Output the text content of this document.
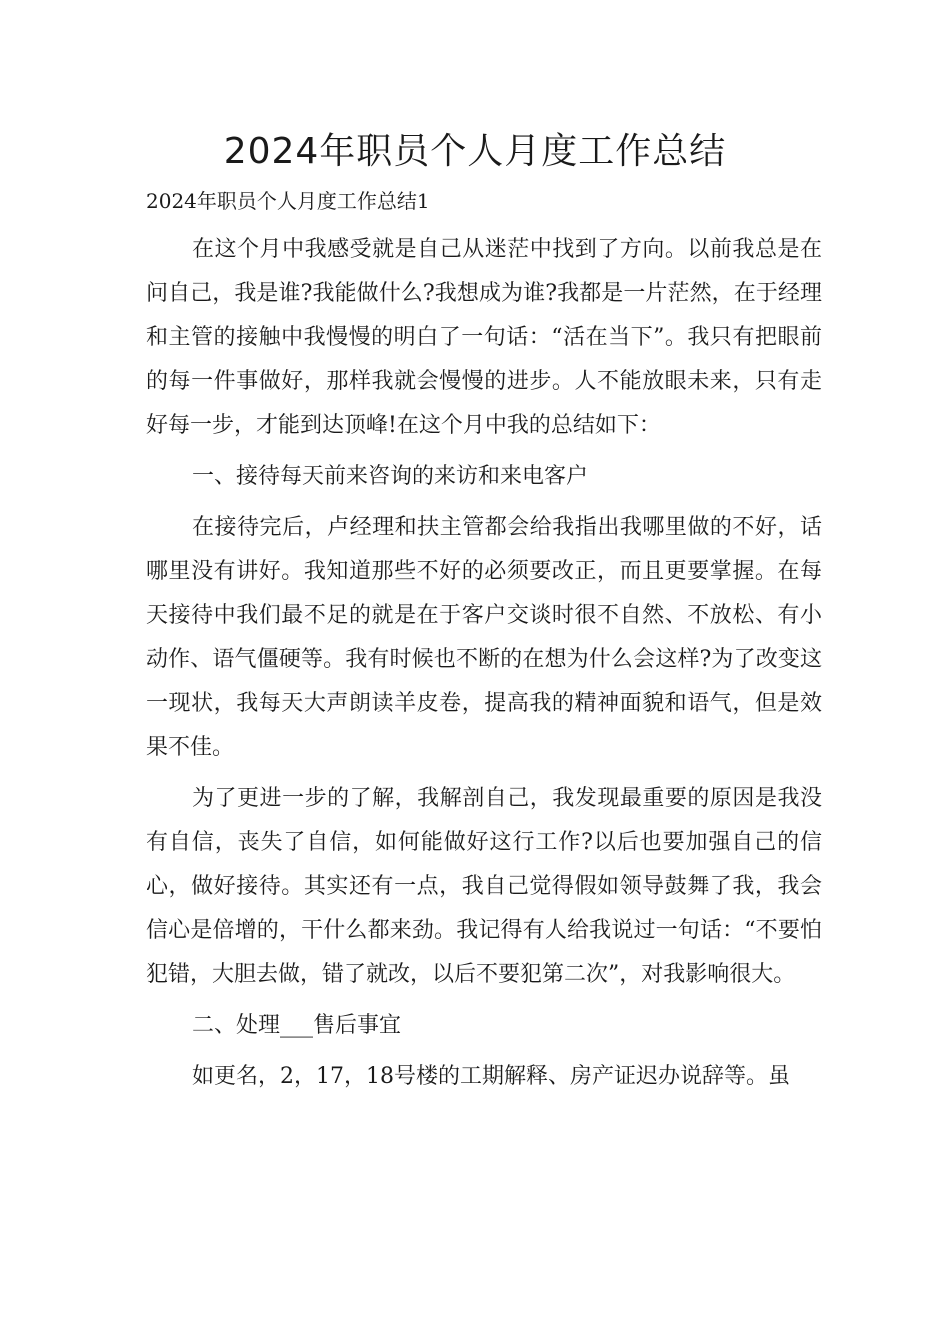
2024年职员个人月度工作总结
2024年职员个人月度工作总结1

在这个月中我感受就是自己从迷茫中找到了方向。以前我总是在问自己，我是谁?我能做什么?我想成为谁?我都是一片茫然，在于经理和主管的接触中我慢慢的明白了一句话：“活在当下”。我只有把眼前的每一件事做好，那样我就会慢慢的进步。人不能放眼未来，只有走好每一步，才能到达顶峰!在这个月中我的总结如下：

一、接待每天前来咨询的来访和来电客户

在接待完后，卢经理和扶主管都会给我指出我哪里做的不好，话哪里没有讲好。我知道那些不好的必须要改正，而且更要掌握。在每天接待中我们最不足的就是在于客户交谈时很不自然、不放松、有小动作、语气僵硬等。我有时候也不断的在想为什么会这样?为了改变这一现状，我每天大声朗读羊皮卷，提高我的精神面貌和语气，但是效果不佳。

为了更进一步的了解，我解剖自己，我发现最重要的原因是我没有自信，丧失了自信，如何能做好这行工作?以后也要加强自己的信心，做好接待。其实还有一点，我自己觉得假如领导鼓舞了我，我会信心是倍增的，干什么都来劲。我记得有人给我说过一句话：“不要怕犯错，大胆去做，错了就改，以后不要犯第二次”，对我影响很大。

二、处理___售后事宜

如更名，2，17，18号楼的工期解释、房产证迟办说辞等。虽
